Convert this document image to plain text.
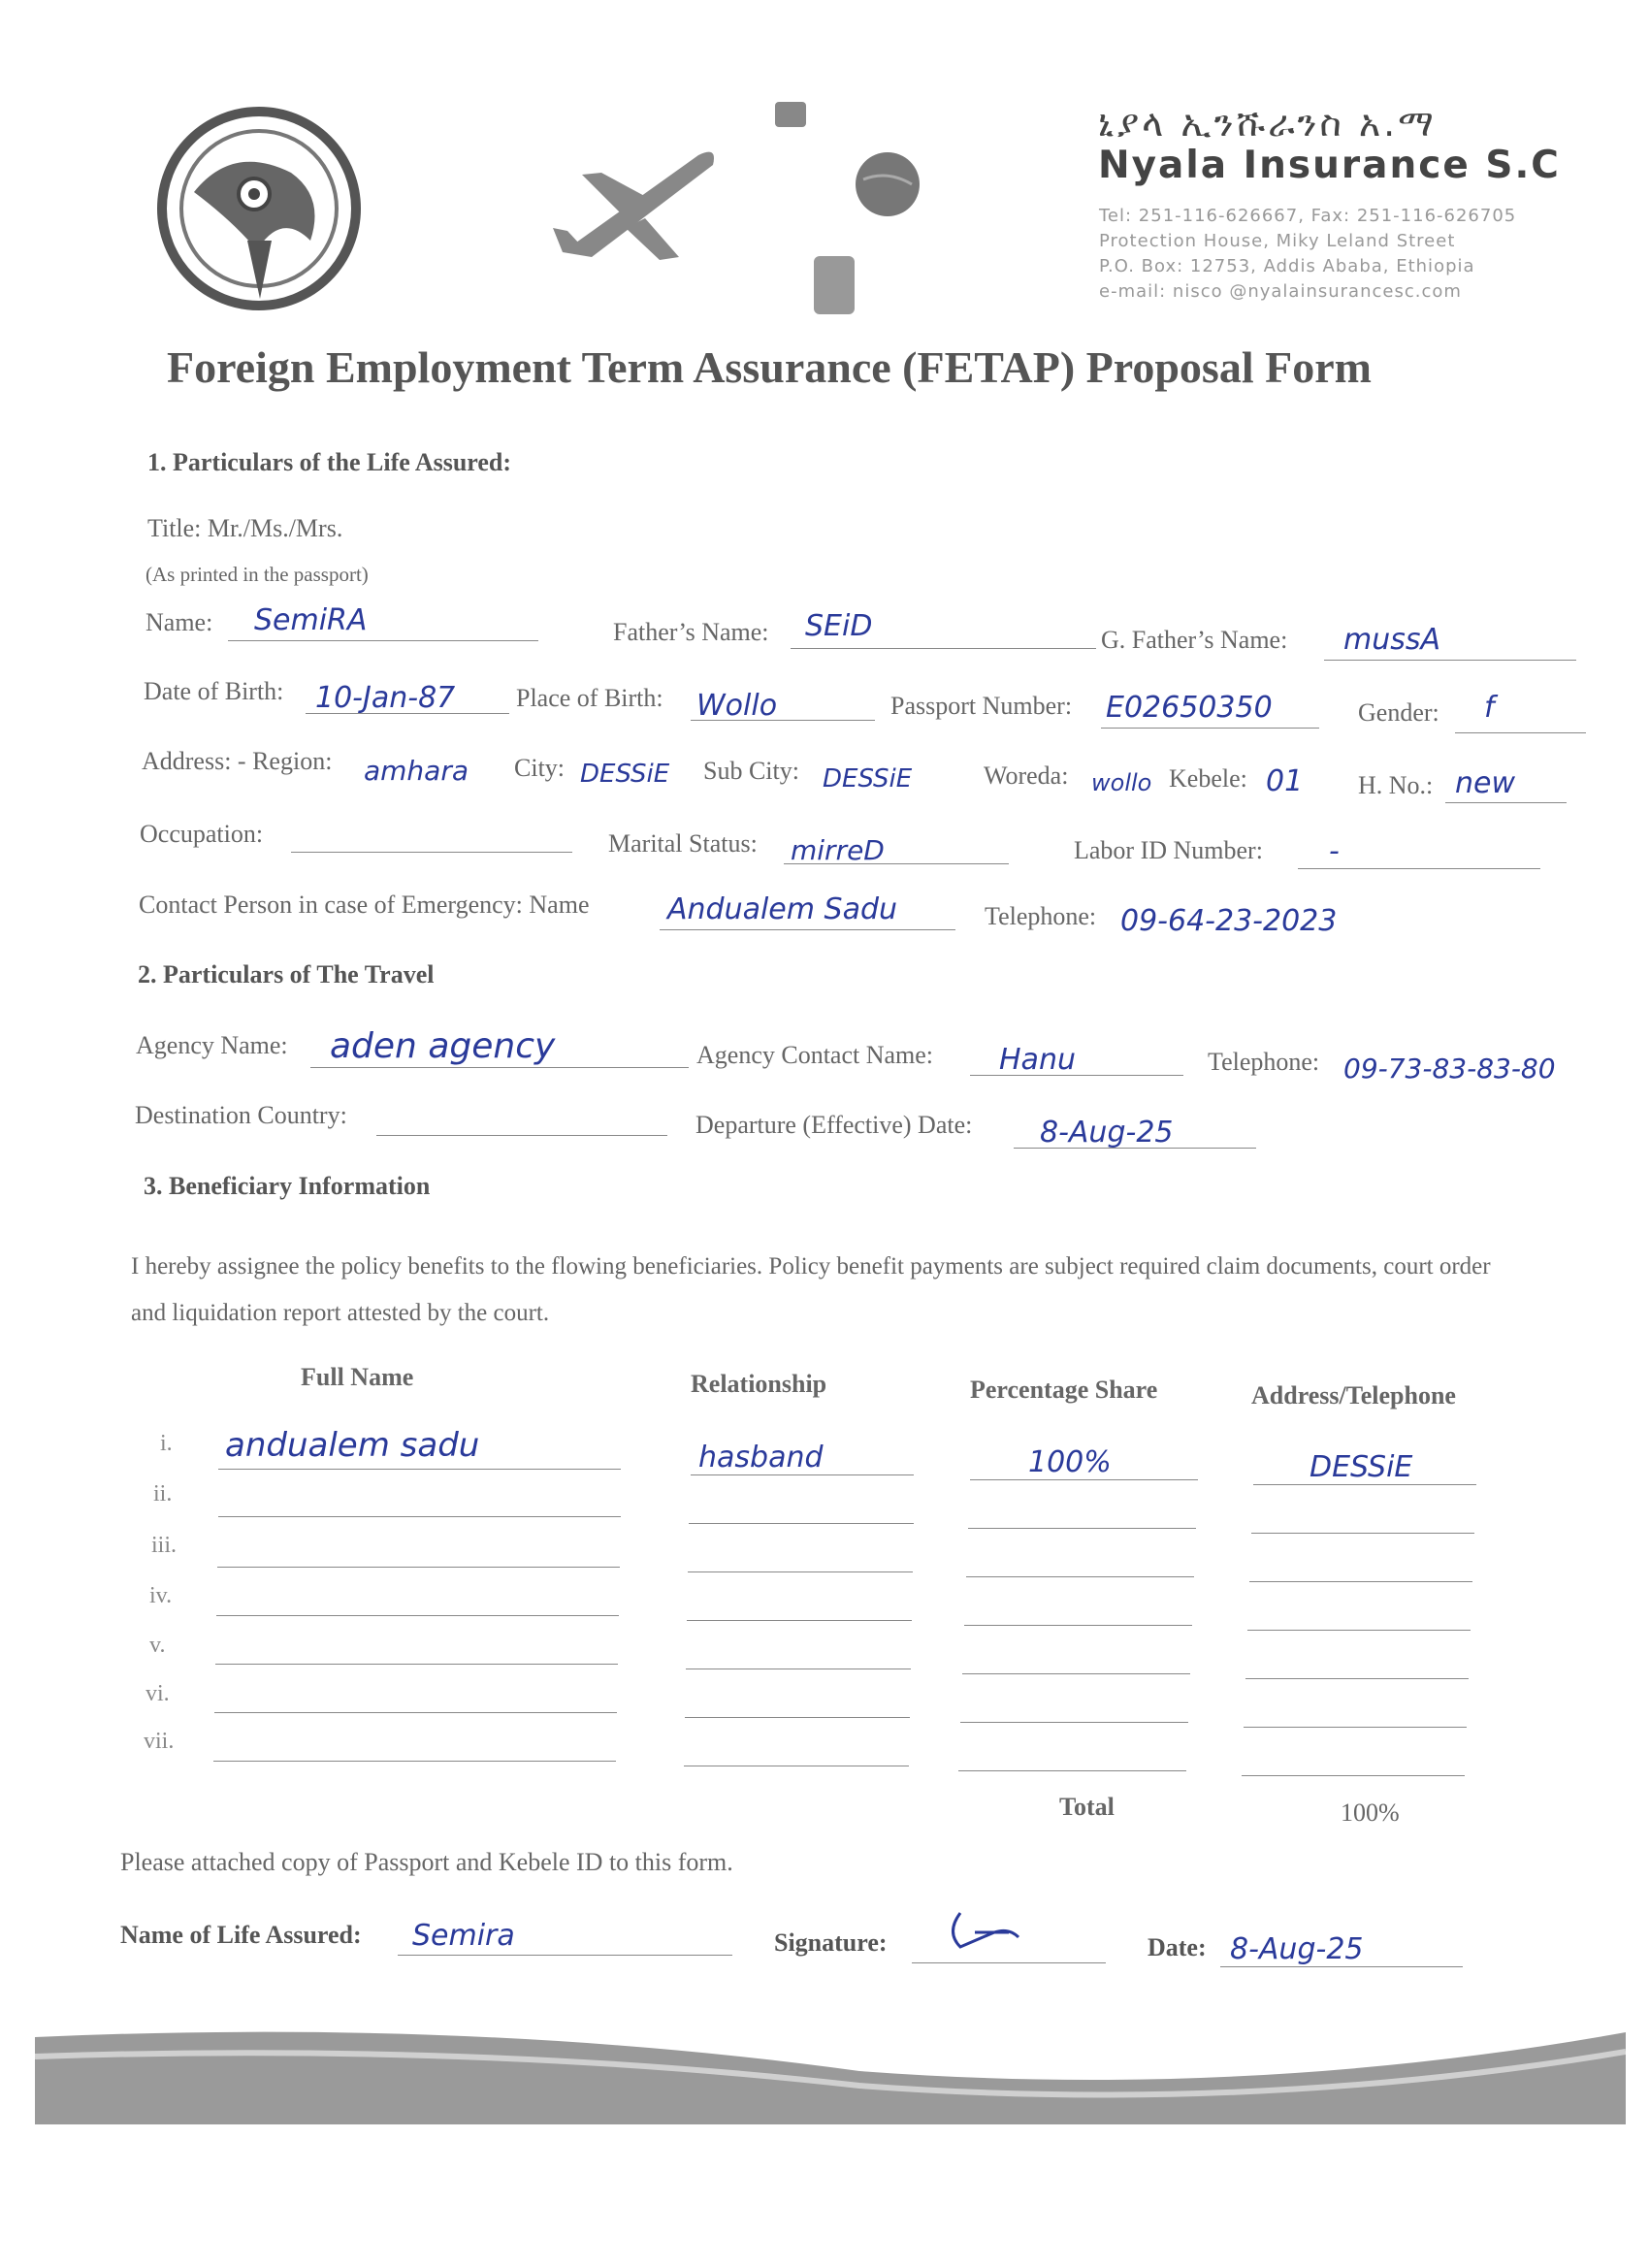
ኒያላ ኢንሹራንስ አ.ማ
Nyala Insurance S.C
Tel: 251-116-626667, Fax: 251-116-626705
Protection House, Miky Leland Street
P.O. Box: 12753, Addis Ababa, Ethiopia
e-mail: nisco @nyalainsurancesc.com
Foreign Employment Term Assurance (FETAP) Proposal Form
1. Particulars of the Life Assured:
Title: Mr./Ms./Mrs.
(As printed in the passport)
Name: SemiRA	Father’s Name: SEiD	G. Father’s Name: mussA
Date of Birth: 10-Jan-87 Place of Birth: Wollo	Passport Number: E02650350	Gender: f
Address: - Region: amhara City: DESSiE Sub City: DESSiE	Woreda: wollo Kebele: 01 H. No.: new
Occupation:	Marital Status: mirreD	Labor ID Number: -
Contact Person in case of Emergency: Name	Andualem Sadu	Telephone: 09-64-23-2023
2. Particulars of The Travel
Agency Name: aden agency	Agency Contact Name: Hanu	Telephone: 09-73-83-83-80
Destination Country:	Departure (Effective) Date: 8-Aug-25
3. Beneficiary Information
I hereby assignee the policy benefits to the flowing beneficiaries. Policy benefit payments are subject required claim documents, court order and liquidation report attested by the court.
Full Name	Relationship	Percentage Share	Address/Telephone
i. andualem sadu	hasband	100%	DESSiE
ii.
iii.
iv.
v.
vi.
vii.
Total	100%
Please attached copy of Passport and Kebele ID to this form.
Name of Life Assured: Semira	Signature:	Date: 8-Aug-25
